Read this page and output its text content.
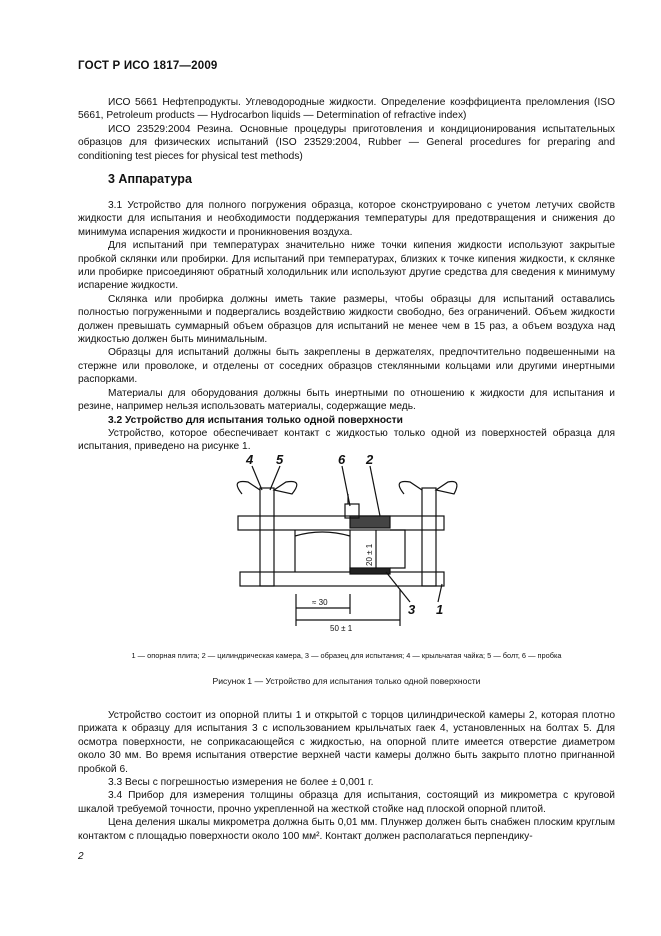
ГОСТ Р ИСО 1817—2009

ИСО 5661 Нефтепродукты. Углеводородные жидкости. Определение коэффициента преломления (ISO 5661, Petroleum products — Hydrocarbon liquids — Determination of refractive index)

ИСО 23529:2004 Резина. Основные процедуры приготовления и кондиционирования испытательных образцов для физических испытаний (ISO 23529:2004, Rubber — General procedures for preparing and conditioning test pieces for physical test methods)

3 Аппаратура

3.1 Устройство для полного погружения образца, которое сконструировано с учетом летучих свойств жидкости для испытания и необходимости поддержания температуры для предотвращения и снижения до минимума испарения жидкости и проникновения воздуха.

Для испытаний при температурах значительно ниже точки кипения жидкости используют закрытые пробкой склянки или пробирки. Для испытаний при температурах, близких к точке кипения жидкости, к склянке или пробирке присоединяют обратный холодильник или используют другие средства для сведения к минимуму испарение жидкости.

Склянка или пробирка должны иметь такие размеры, чтобы образцы для испытаний оставались полностью погруженными и подвергались воздействию жидкости свободно, без ограничений. Объем жидкости должен превышать суммарный объем образцов для испытаний не менее чем в 15 раз, а объем воздуха над жидкостью должен быть минимальным.

Образцы для испытаний должны быть закреплены в держателях, предпочтительно подвешенными на стержне или проволоке, и отделены от соседних образцов стеклянными кольцами или другими инертными распорками.

Материалы для оборудования должны быть инертными по отношению к жидкости для испытания и резине, например нельзя использовать материалы, содержащие медь.

3.2 Устройство для испытания только одной поверхности

Устройство, которое обеспечивает контакт с жидкостью только одной из поверхностей образца для испытания, приведено на рисунке 1.

4 5	6 2
3 1
≈ 30
50 ± 1
20 ± 1
1 — опорная плита; 2 — цилиндрическая камера, 3 — образец для испытания; 4 — крыльчатая чайка; 5 — болт, 6 — пробка
Рисунок 1 — Устройство для испытания только одной поверхности

Устройство состоит из опорной плиты 1 и открытой с торцов цилиндрической камеры 2, которая плотно прижата к образцу для испытания 3 с использованием крыльчатых гаек 4, установленных на болтах 5. Для осмотра поверхности, не соприкасающейся с жидкостью, на опорной плите имеется отверстие диаметром около 30 мм. Во время испытания отверстие верхней части камеры должно быть закрыто плотно пригнанной пробкой 6.

3.3 Весы с погрешностью измерения не более ± 0,001 г.

3.4 Прибор для измерения толщины образца для испытания, состоящий из микрометра с круговой шкалой требуемой точности, прочно укрепленной на жесткой стойке над плоской опорной плитой.

Цена деления шкалы микрометра должна быть 0,01 мм. Плунжер должен быть снабжен плоским круглым контактом с площадью поверхности около 100 мм². Контакт должен располагаться перпендику-

2
